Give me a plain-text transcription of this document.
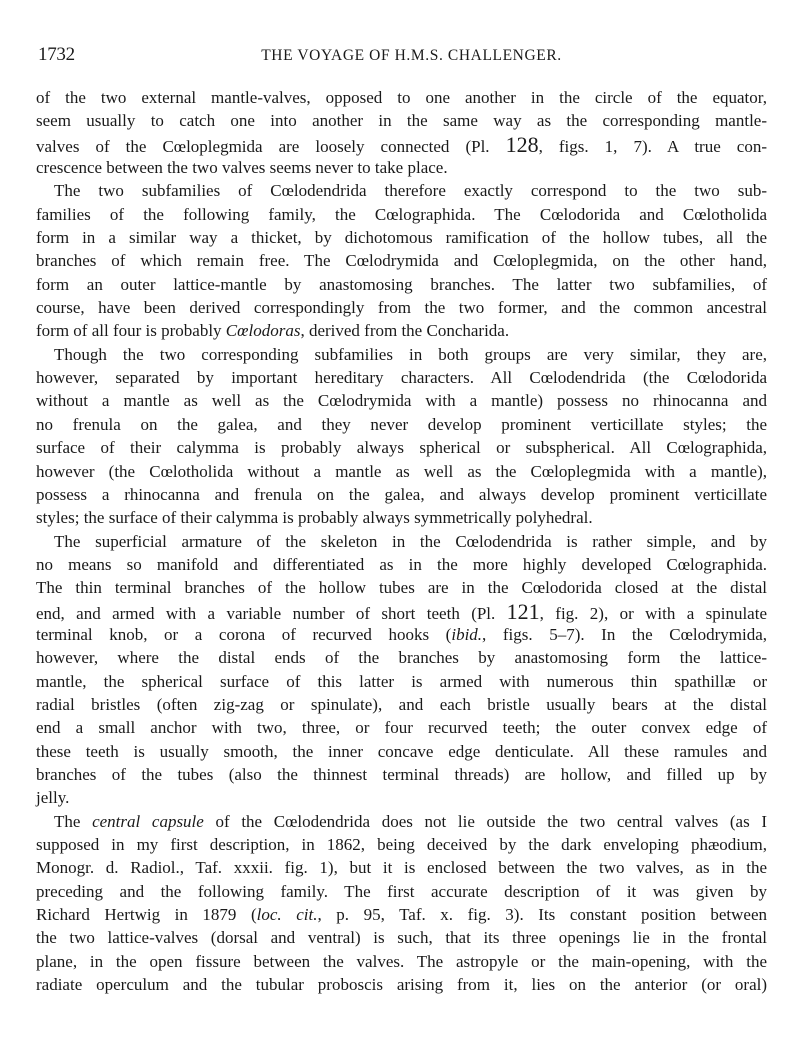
1732	THE VOYAGE OF H.M.S. CHALLENGER.
of the two external mantle-valves, opposed to one another in the circle of the equator,
seem usually to catch one into another in the same way as the corresponding mantle-
valves of the Cœloplegmida are loosely connected (Pl. 128, figs. 1, 7). A true con-
crescence between the two valves seems never to take place.
The two subfamilies of Cœlodendrida therefore exactly correspond to the two sub-
families of the following family, the Cœlographida. The Cœlodorida and Cœlotholida
form in a similar way a thicket, by dichotomous ramification of the hollow tubes, all the
branches of which remain free. The Cœlodrymida and Cœloplegmida, on the other hand,
form an outer lattice-mantle by anastomosing branches. The latter two subfamilies, of
course, have been derived correspondingly from the two former, and the common ancestral
form of all four is probably Cœlodoras, derived from the Concharida.
Though the two corresponding subfamilies in both groups are very similar, they are,
however, separated by important hereditary characters. All Cœlodendrida (the Cœlodorida
without a mantle as well as the Cœlodrymida with a mantle) possess no rhinocanna and
no frenula on the galea, and they never develop prominent verticillate styles; the
surface of their calymma is probably always spherical or subspherical. All Cœlographida,
however (the Cœlotholida without a mantle as well as the Cœloplegmida with a mantle),
possess a rhinocanna and frenula on the galea, and always develop prominent verticillate
styles; the surface of their calymma is probably always symmetrically polyhedral.
The superficial armature of the skeleton in the Cœlodendrida is rather simple, and by
no means so manifold and differentiated as in the more highly developed Cœlographida.
The thin terminal branches of the hollow tubes are in the Cœlodorida closed at the distal
end, and armed with a variable number of short teeth (Pl. 121, fig. 2), or with a spinulate
terminal knob, or a corona of recurved hooks (ibid., figs. 5–7). In the Cœlodrymida,
however, where the distal ends of the branches by anastomosing form the lattice-
mantle, the spherical surface of this latter is armed with numerous thin spathillæ or
radial bristles (often zig-zag or spinulate), and each bristle usually bears at the distal
end a small anchor with two, three, or four recurved teeth; the outer convex edge of
these teeth is usually smooth, the inner concave edge denticulate. All these ramules and
branches of the tubes (also the thinnest terminal threads) are hollow, and filled up by
jelly.
The central capsule of the Cœlodendrida does not lie outside the two central valves (as I
supposed in my first description, in 1862, being deceived by the dark enveloping phæodium,
Monogr. d. Radiol., Taf. xxxii. fig. 1), but it is enclosed between the two valves, as in the
preceding and the following family. The first accurate description of it was given by
Richard Hertwig in 1879 (loc. cit., p. 95, Taf. x. fig. 3). Its constant position between
the two lattice-valves (dorsal and ventral) is such, that its three openings lie in the frontal
plane, in the open fissure between the valves. The astropyle or the main-opening, with the
radiate operculum and the tubular proboscis arising from it, lies on the anterior (or oral)
